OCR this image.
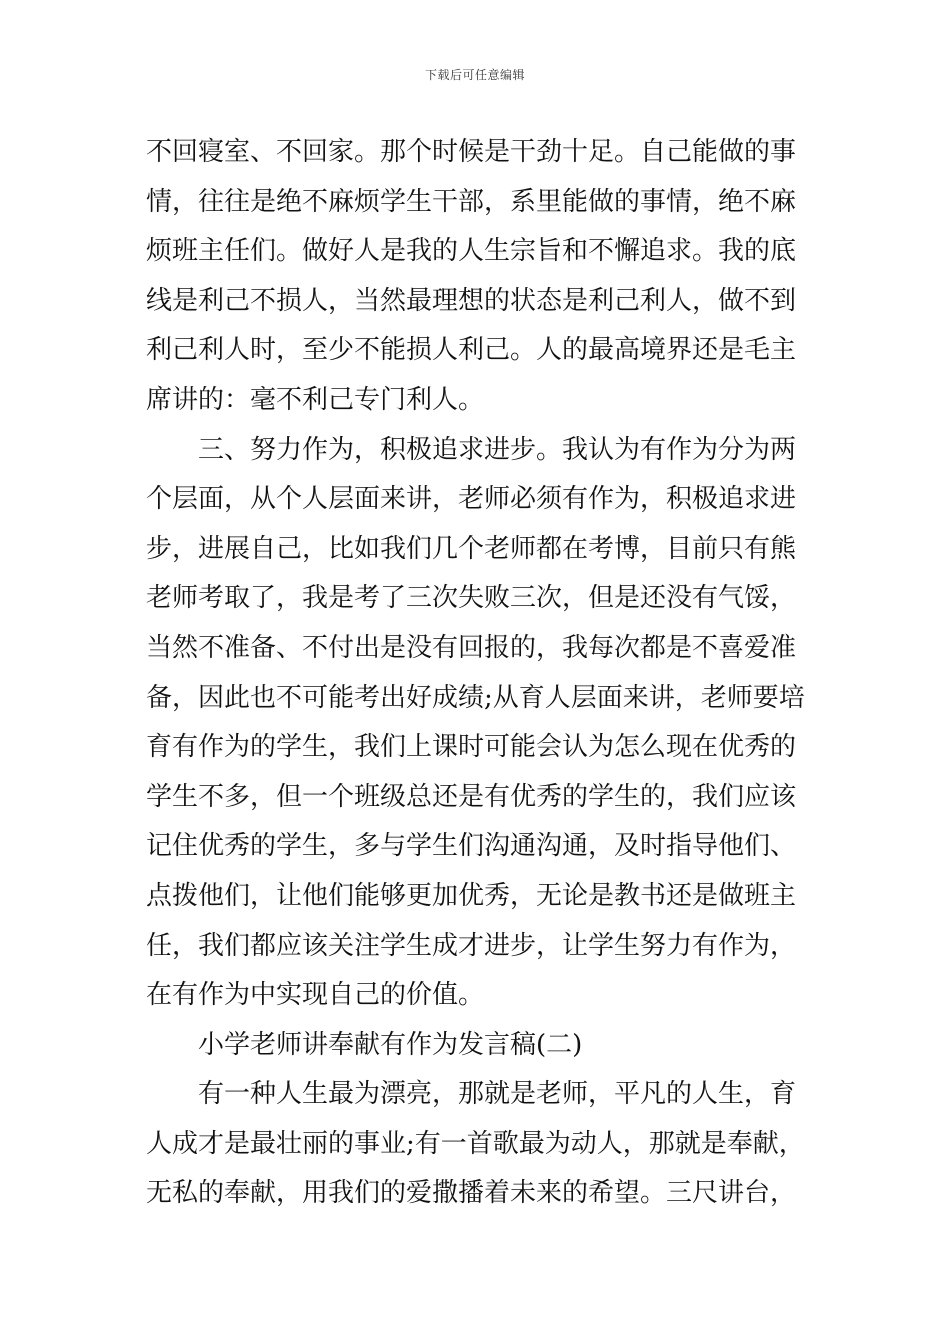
下载后可任意编辑
不回寝室、不回家。那个时候是干劲十足。自己能做的事
情，往往是绝不麻烦学生干部，系里能做的事情，绝不麻
烦班主任们。做好人是我的人生宗旨和不懈追求。我的底
线是利己不损人，当然最理想的状态是利己利人，做不到
利己利人时，至少不能损人利己。人的最高境界还是毛主
席讲的：毫不利己专门利人。
三、努力作为，积极追求进步。我认为有作为分为两
个层面，从个人层面来讲，老师必须有作为，积极追求进
步，进展自己，比如我们几个老师都在考博，目前只有熊
老师考取了，我是考了三次失败三次，但是还没有气馁，
当然不准备、不付出是没有回报的，我每次都是不喜爱准
备，因此也不可能考出好成绩;从育人层面来讲，老师要培
育有作为的学生，我们上课时可能会认为怎么现在优秀的
学生不多，但一个班级总还是有优秀的学生的，我们应该
记住优秀的学生，多与学生们沟通沟通，及时指导他们、
点拨他们，让他们能够更加优秀，无论是教书还是做班主
任，我们都应该关注学生成才进步，让学生努力有作为，
在有作为中实现自己的价值。
小学老师讲奉献有作为发言稿(二)
有一种人生最为漂亮，那就是老师，平凡的人生，育
人成才是最壮丽的事业;有一首歌最为动人，那就是奉献，
无私的奉献，用我们的爱撒播着未来的希望。三尺讲台，
